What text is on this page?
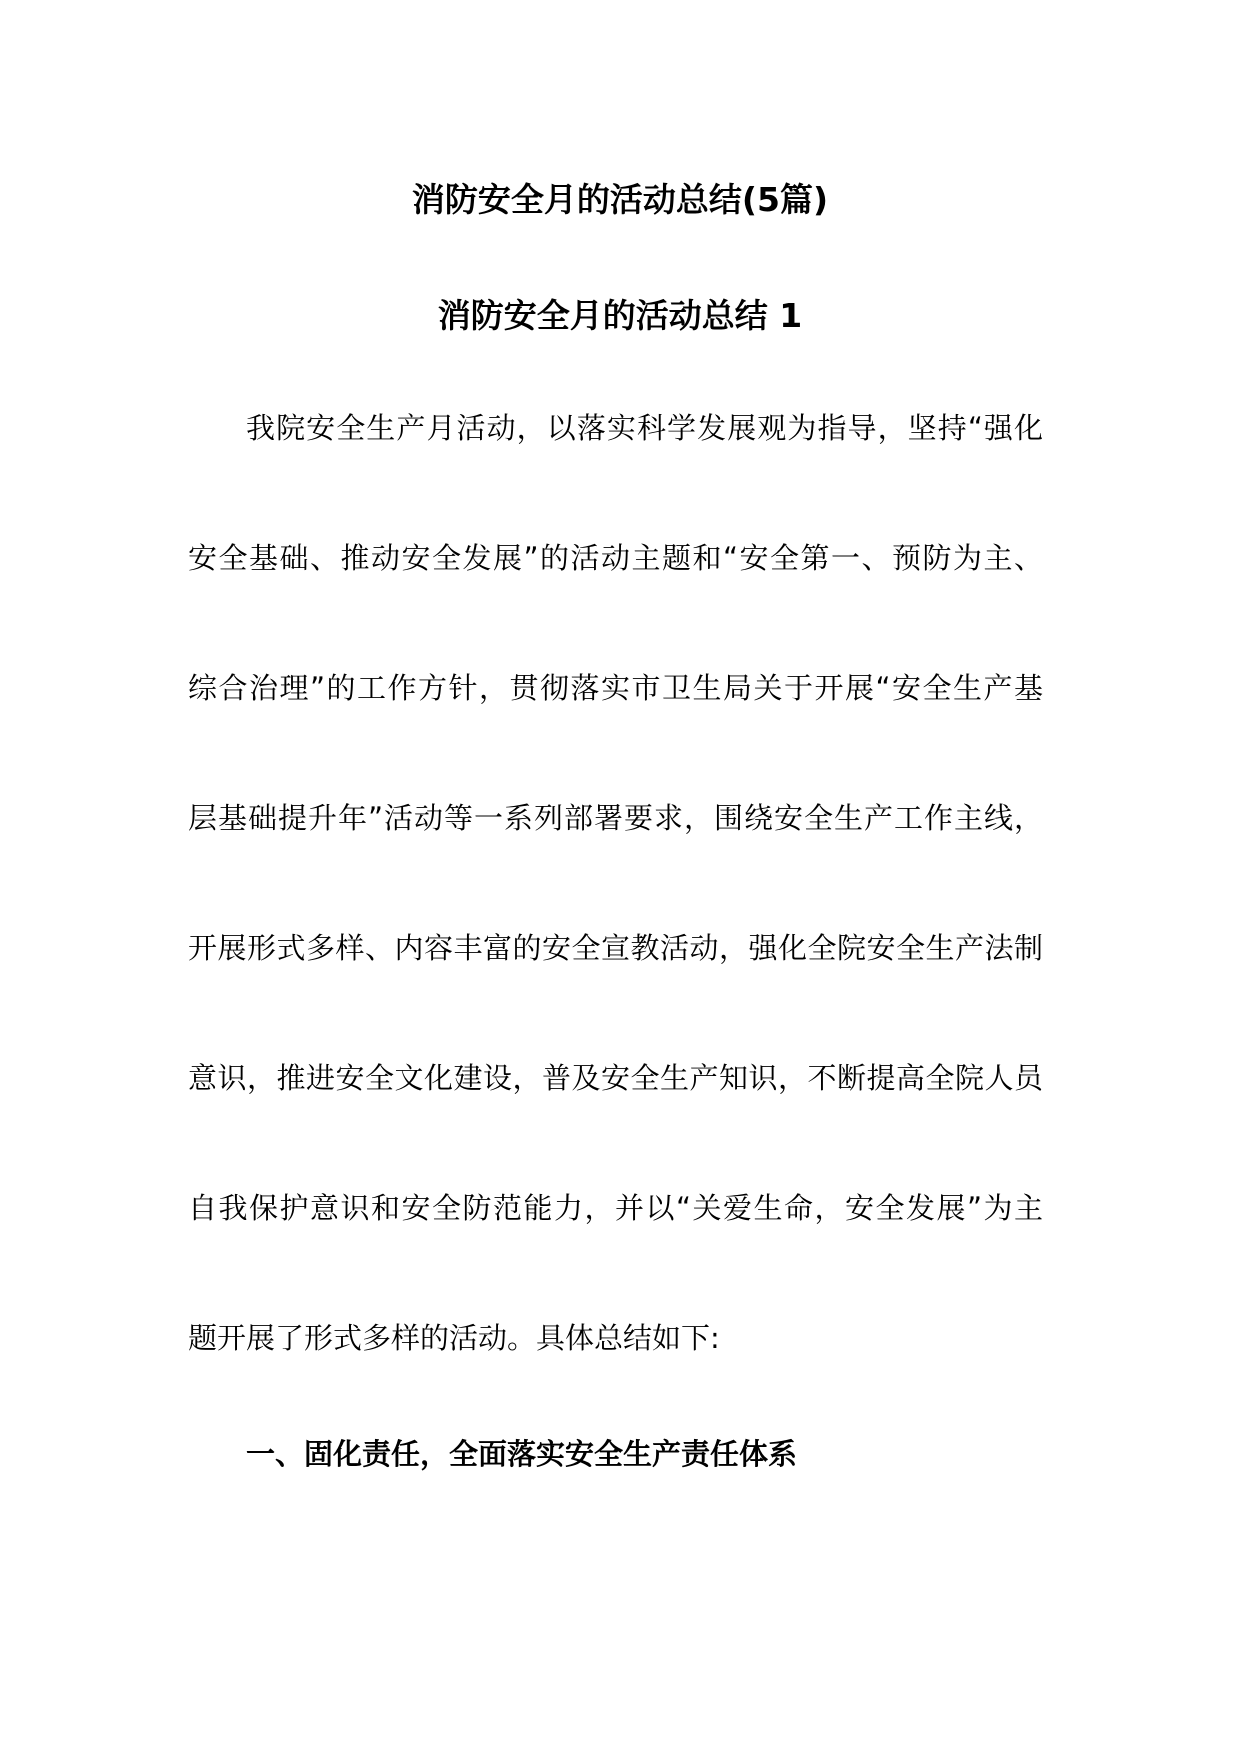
消防安全月的活动总结(5篇)
消防安全月的活动总结 1
我院安全生产月活动，以落实科学发展观为指导，坚持“强化
安全基础、推动安全发展”的活动主题和“安全第一、预防为主、
综合治理”的工作方针，贯彻落实市卫生局关于开展“安全生产基
层基础提升年”活动等一系列部署要求，围绕安全生产工作主线，
开展形式多样、内容丰富的安全宣教活动，强化全院安全生产法制
意识，推进安全文化建设，普及安全生产知识，不断提高全院人员
自我保护意识和安全防范能力，并以“关爱生命，安全发展”为主
题开展了形式多样的活动。具体总结如下:
一、固化责任，全面落实安全生产责任体系
